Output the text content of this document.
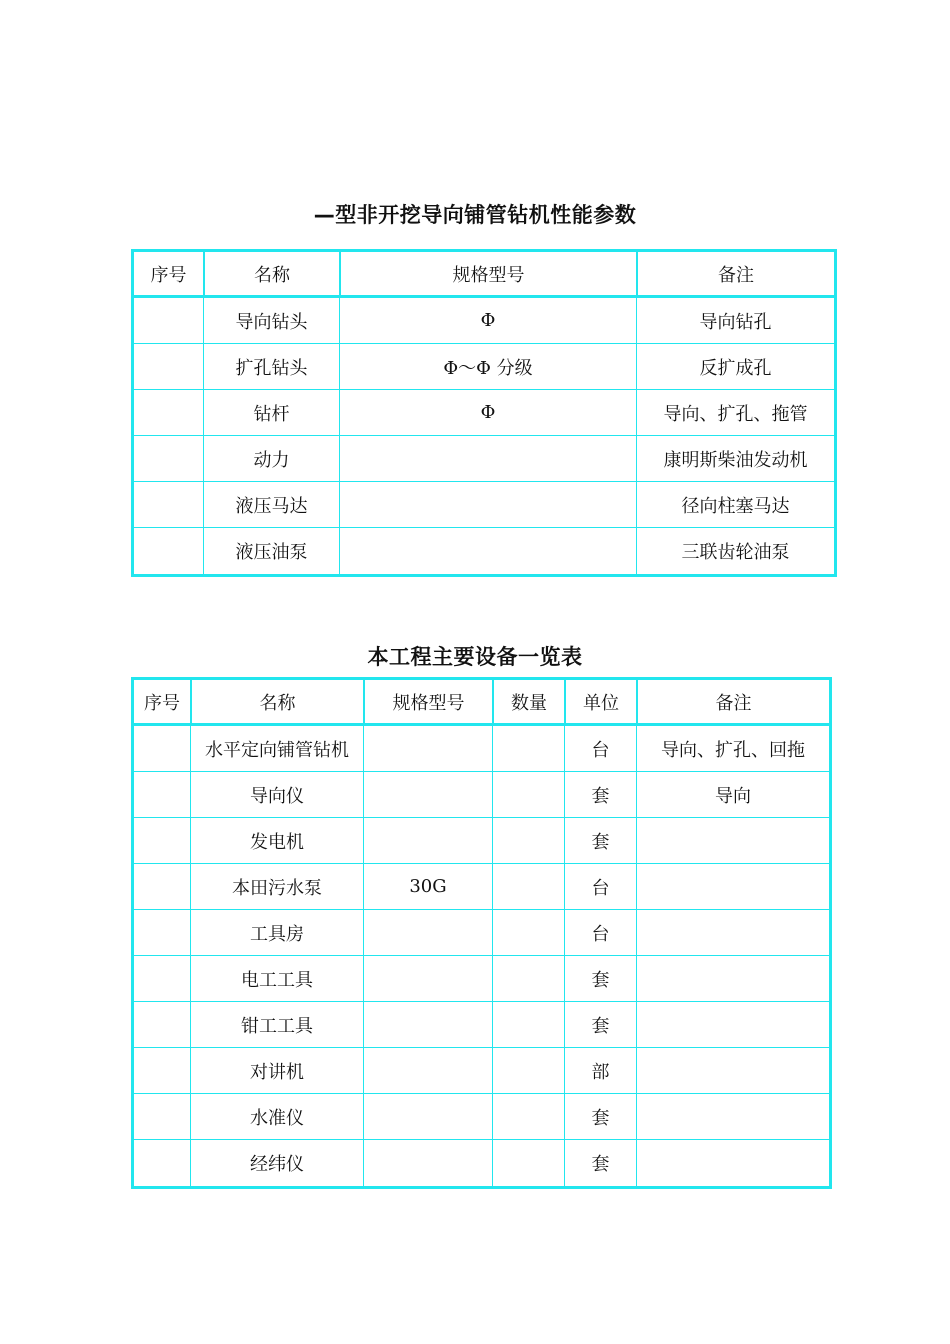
—型非开挖导向铺管钻机性能参数
序号	名称	规格型号	备注
	导向钻头	Φ	导向钻孔
	扩孔钻头	Φ～Φ 分级	反扩成孔
	钻杆	Φ	导向、扩孔、拖管
	动力		康明斯柴油发动机
	液压马达		径向柱塞马达
	液压油泵		三联齿轮油泵
本工程主要设备一览表
序号	名称	规格型号	数量	单位	备注
	水平定向铺管钻机			台	导向、扩孔、回拖
	导向仪			套	导向
	发电机			套	
	本田污水泵	30G		台	
	工具房			台	
	电工工具			套	
	钳工工具			套	
	对讲机			部	
	水准仪			套	
	经纬仪			套	
